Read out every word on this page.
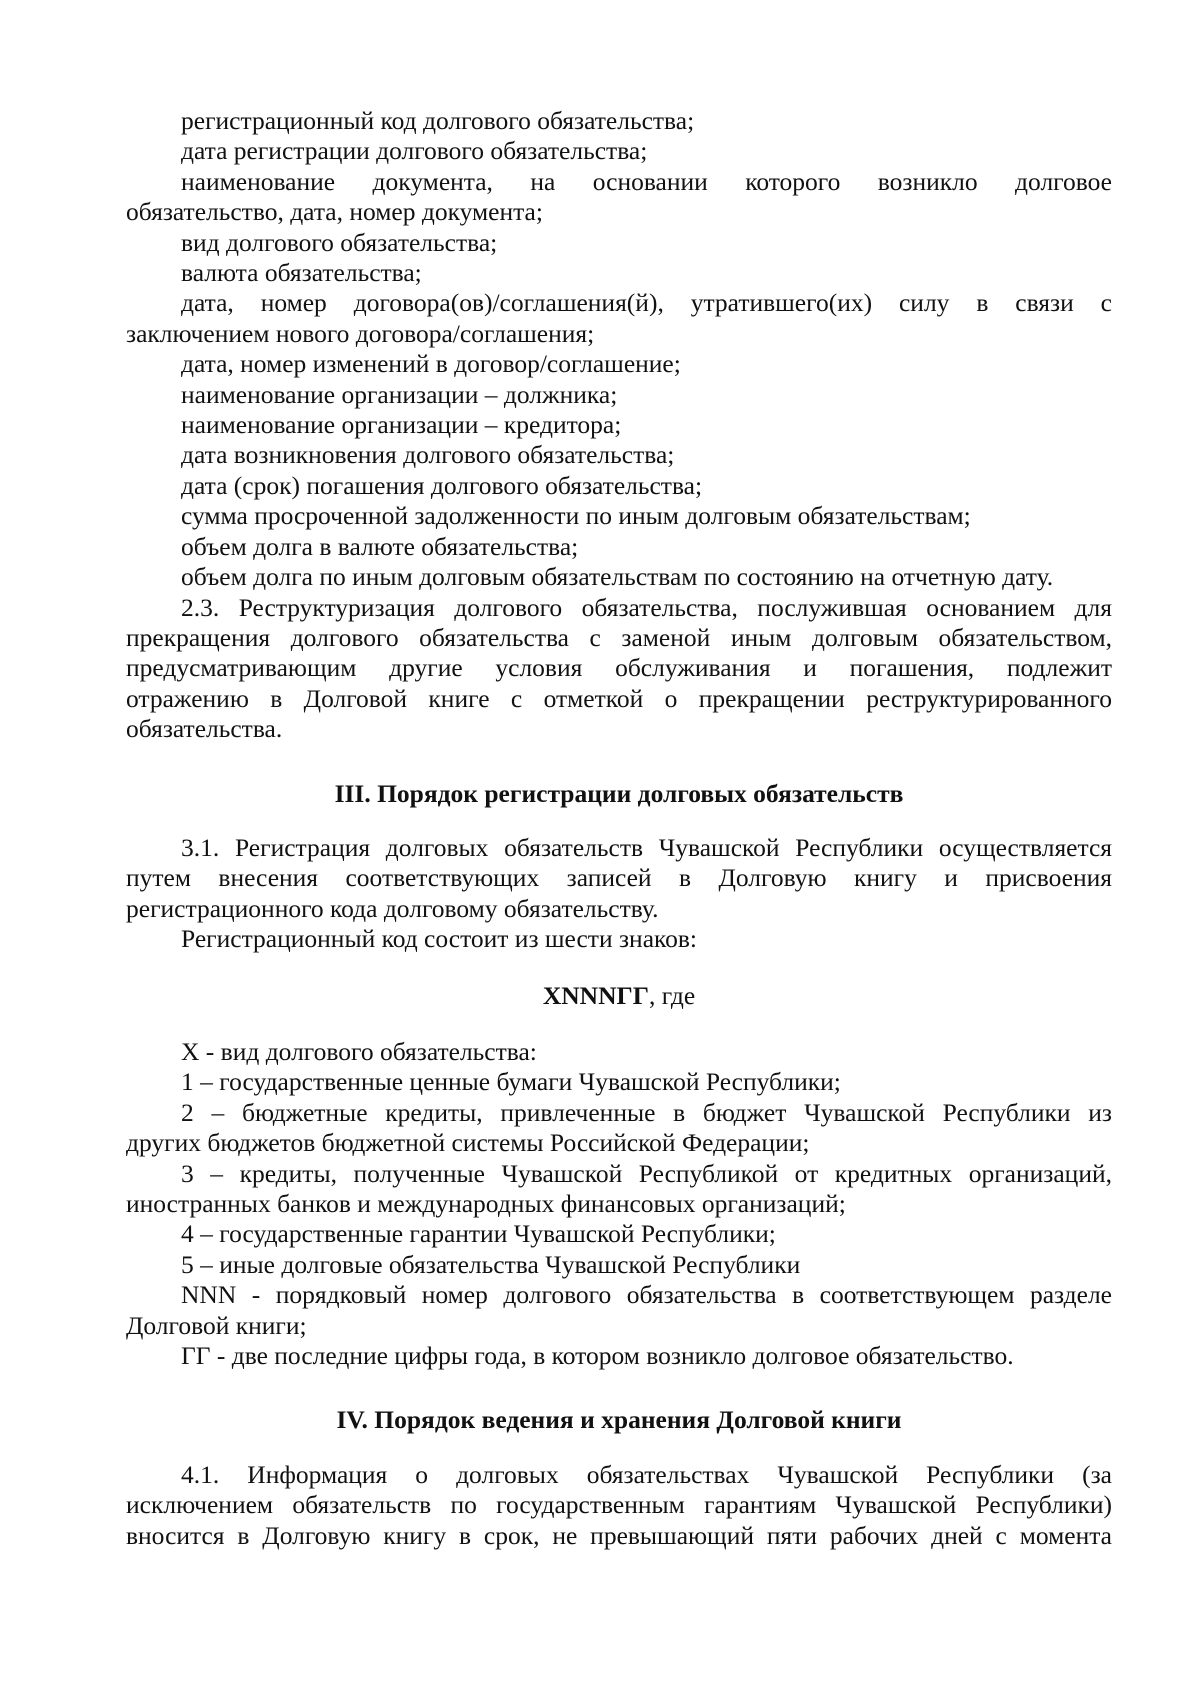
регистрационный код долгового обязательства;
дата регистрации долгового обязательства;
наименование документа, на основании которого возникло долговое
обязательство, дата, номер документа;
вид долгового обязательства;
валюта обязательства;
дата, номер договора(ов)/соглашения(й), утратившего(их) силу в связи с
заключением нового договора/соглашения;
дата, номер изменений в договор/соглашение;
наименование организации – должника;
наименование организации – кредитора;
дата возникновения долгового обязательства;
дата (срок) погашения долгового обязательства;
сумма просроченной задолженности по иным долговым обязательствам;
объем долга в валюте обязательства;
объем долга по иным долговым обязательствам по состоянию на отчетную дату.
2.3. Реструктуризация долгового обязательства, послужившая основанием для
прекращения долгового обязательства с заменой иным долговым обязательством,
предусматривающим другие условия обслуживания и погашения, подлежит
отражению в Долговой книге с отметкой о прекращении реструктурированного
обязательства.
III. Порядок регистрации долговых обязательств
3.1. Регистрация долговых обязательств Чувашской Республики осуществляется
путем внесения соответствующих записей в Долговую книгу и присвоения
регистрационного кода долговому обязательству.
Регистрационный код состоит из шести знаков:
XNNNГГ, где
X - вид долгового обязательства:
1 – государственные ценные бумаги Чувашской Республики;
2 – бюджетные кредиты, привлеченные в бюджет Чувашской Республики из
других бюджетов бюджетной системы Российской Федерации;
3 – кредиты, полученные Чувашской Республикой от кредитных организаций,
иностранных банков и международных финансовых организаций;
4 – государственные гарантии Чувашской Республики;
5 – иные долговые обязательства Чувашской Республики
NNN - порядковый номер долгового обязательства в соответствующем разделе
Долговой книги;
ГГ - две последние цифры года, в котором возникло долговое обязательство.
IV. Порядок ведения и хранения Долговой книги
4.1. Информация о долговых обязательствах Чувашской Республики (за
исключением обязательств по государственным гарантиям Чувашской Республики)
вносится в Долговую книгу в срок, не превышающий пяти рабочих дней с момента
